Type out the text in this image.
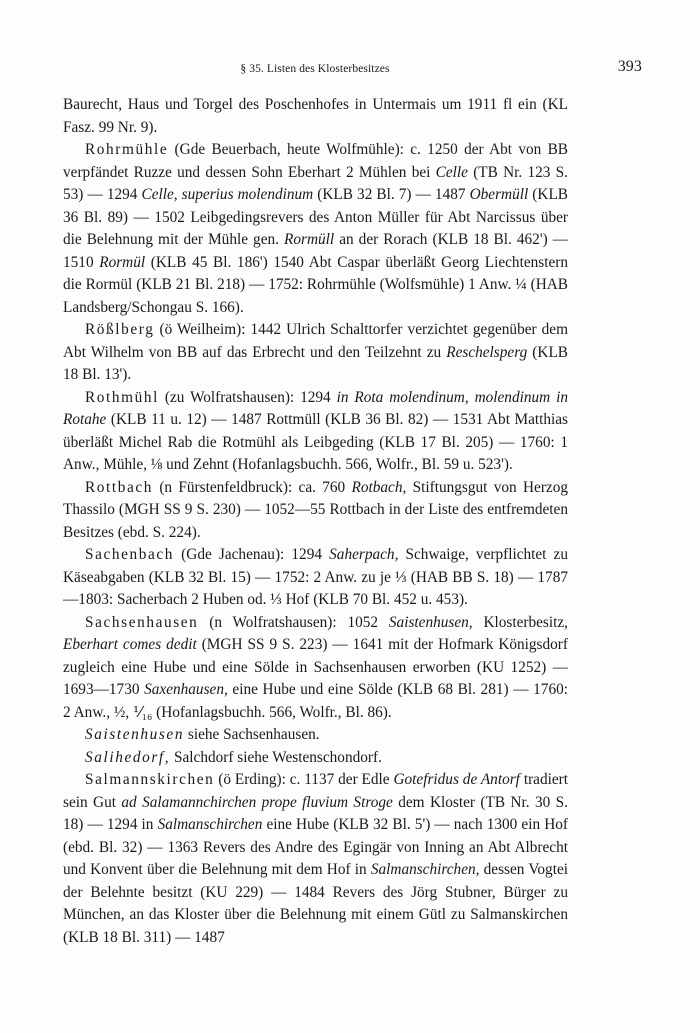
§ 35. Listen des Klosterbesitzes	393

Baurecht, Haus und Torgel des Poschenhofes in Untermais um 1911 fl ein (KL Fasz. 99 Nr. 9).

Rohrmühle (Gde Beuerbach, heute Wolfmühle): c. 1250 der Abt von BB verpfändet Ruzze und dessen Sohn Eberhart 2 Mühlen bei Celle (TB Nr. 123 S. 53) — 1294 Celle, superius molendinum (KLB 32 Bl. 7) — 1487 Obermüll (KLB 36 Bl. 89) — 1502 Leibgedingsrevers des Anton Müller für Abt Narcissus über die Belehnung mit der Mühle gen. Rormüll an der Rorach (KLB 18 Bl. 462') — 1510 Rormül (KLB 45 Bl. 186') 1540 Abt Caspar überläßt Georg Liechtenstern die Rormül (KLB 21 Bl. 218) — 1752: Rohrmühle (Wolfsmühle) 1 Anw. ¼ (HAB Landsberg/Schongau S. 166).

Rößlberg (ö Weilheim): 1442 Ulrich Schalttorfer verzichtet gegenüber dem Abt Wilhelm von BB auf das Erbrecht und den Teilzehnt zu Reschelsperg (KLB 18 Bl. 13').

Rothmühl (zu Wolfratshausen): 1294 in Rota molendinum, molendinum in Rotahe (KLB 11 u. 12) — 1487 Rottmüll (KLB 36 Bl. 82) — 1531 Abt Matthias überläßt Michel Rab die Rotmühl als Leibgeding (KLB 17 Bl. 205) — 1760: 1 Anw., Mühle, ⅛ und Zehnt (Hofanlagsbuchh. 566, Wolfr., Bl. 59 u. 523').

Rottbach (n Fürstenfeldbruck): ca. 760 Rotbach, Stiftungsgut von Herzog Thassilo (MGH SS 9 S. 230) — 1052—55 Rottbach in der Liste des entfremdeten Besitzes (ebd. S. 224).

Sachenbach (Gde Jachenau): 1294 Saherpach, Schwaige, verpflichtet zu Käseabgaben (KLB 32 Bl. 15) — 1752: 2 Anw. zu je ⅓ (HAB BB S. 18) — 1787—1803: Sacherbach 2 Huben od. ⅓ Hof (KLB 70 Bl. 452 u. 453).

Sachsenhausen (n Wolfratshausen): 1052 Saistenhusen, Klosterbesitz, Eberhart comes dedit (MGH SS 9 S. 223) — 1641 mit der Hofmark Königsdorf zugleich eine Hube und eine Sölde in Sachsenhausen erworben (KU 1252) — 1693—1730 Saxenhausen, eine Hube und eine Sölde (KLB 68 Bl. 281) — 1760: 2 Anw., ½, ⅟₁₆ (Hofanlagsbuchh. 566, Wolfr., Bl. 86).

Saistenhusen siehe Sachsenhausen.

Salihedorf, Salchdorf siehe Westenschondorf.

Salmannskirchen (ö Erding): c. 1137 der Edle Gotefridus de Antorf tradiert sein Gut ad Salamannchirchen prope fluvium Stroge dem Kloster (TB Nr. 30 S. 18) — 1294 in Salmanschirchen eine Hube (KLB 32 Bl. 5') — nach 1300 ein Hof (ebd. Bl. 32) — 1363 Revers des Andre des Egingär von Inning an Abt Albrecht und Konvent über die Belehnung mit dem Hof in Salmanschirchen, dessen Vogtei der Belehnte besitzt (KU 229) — 1484 Revers des Jörg Stubner, Bürger zu München, an das Kloster über die Belehnung mit einem Gütl zu Salmanskirchen (KLB 18 Bl. 311) — 1487
